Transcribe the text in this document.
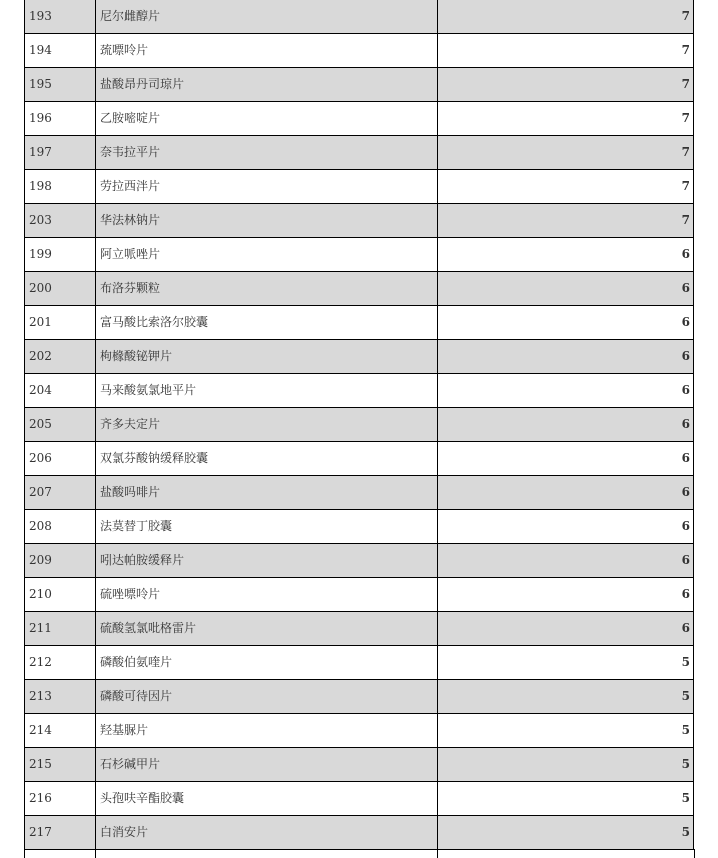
193	尼尔雌醇片	7
194	巯嘌呤片	7
195	盐酸昂丹司琼片	7
196	乙胺嘧啶片	7
197	奈韦拉平片	7
198	劳拉西泮片	7
203	华法林钠片	7
199	阿立哌唑片	6
200	布洛芬颗粒	6
201	富马酸比索洛尔胶囊	6
202	枸橼酸铋钾片	6
204	马来酸氨氯地平片	6
205	齐多夫定片	6
206	双氯芬酸钠缓释胶囊	6
207	盐酸吗啡片	6
208	法莫替丁胶囊	6
209	吲达帕胺缓释片	6
210	硫唑嘌呤片	6
211	硫酸氢氯吡格雷片	6
212	磷酸伯氨喹片	5
213	磷酸可待因片	5
214	羟基脲片	5
215	石杉碱甲片	5
216	头孢呋辛酯胶囊	5
217	白消安片	5
